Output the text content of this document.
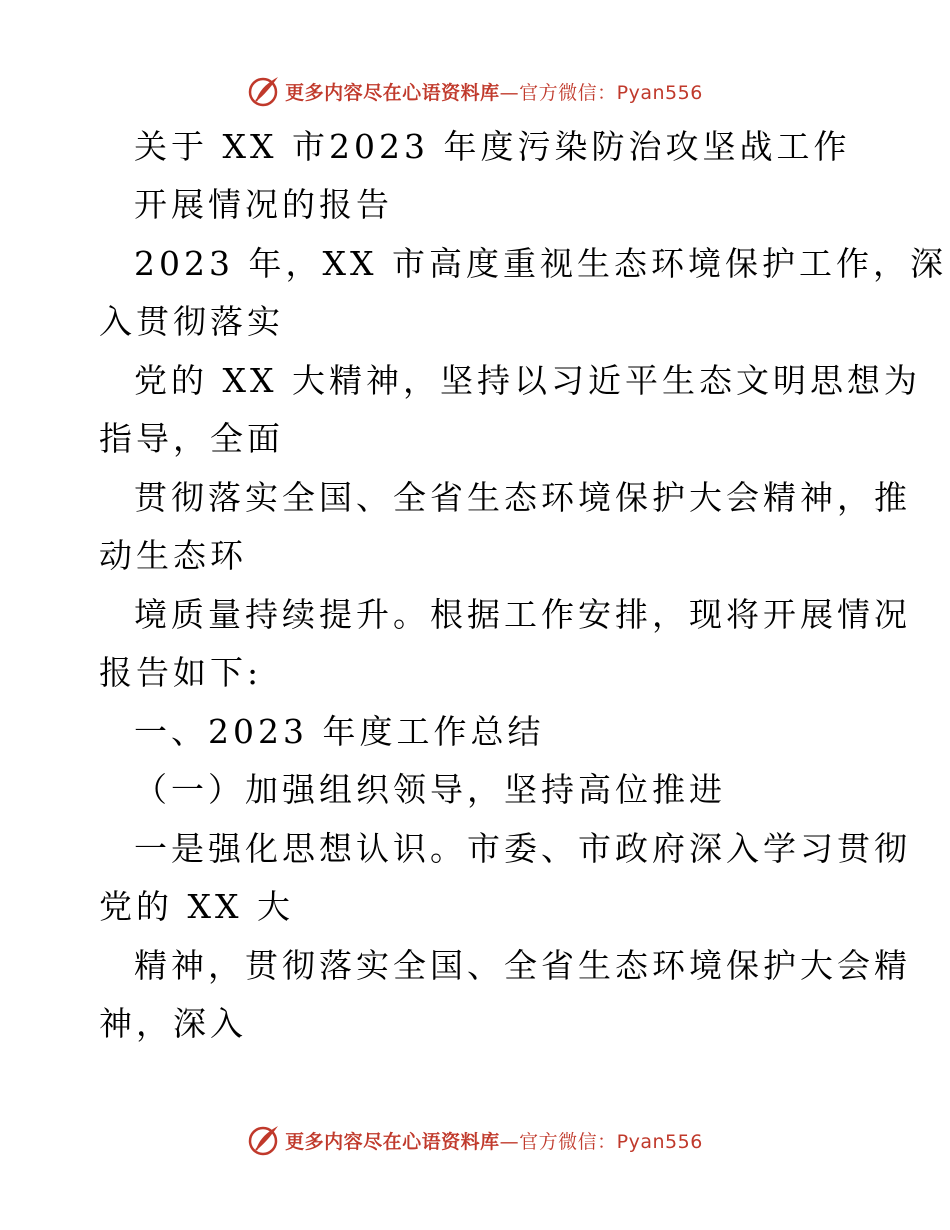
更多内容尽在心语资料库—官方微信：Pyan556
关于 XX 市2023 年度污染防治攻坚战工作
开展情况的报告
2023 年，XX 市高度重视生态环境保护工作，深
入贯彻落实
党的 XX 大精神，坚持以习近平生态文明思想为
指导，全面
贯彻落实全国、全省生态环境保护大会精神，推
动生态环
境质量持续提升。根据工作安排，现将开展情况
报告如下:
一、2023 年度工作总结
（一）加强组织领导，坚持高位推进
一是强化思想认识。市委、市政府深入学习贯彻
党的 XX 大
精神，贯彻落实全国、全省生态环境保护大会精
神，深入
更多内容尽在心语资料库—官方微信：Pyan556
